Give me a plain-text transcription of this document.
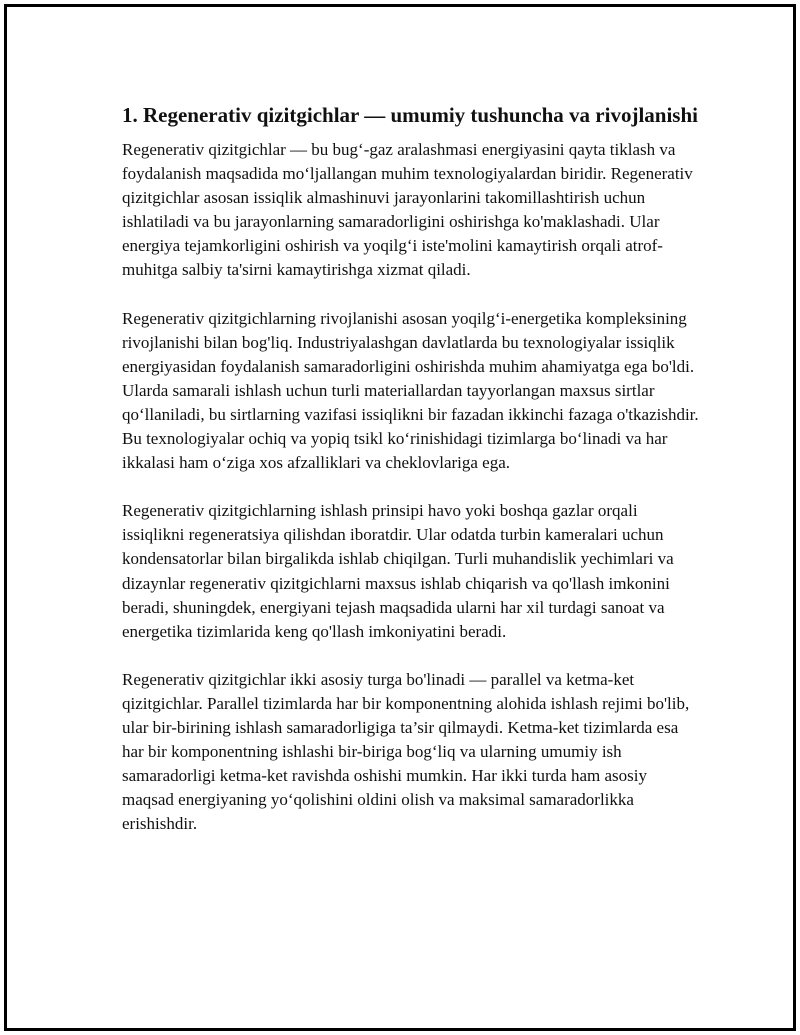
1. Regenerativ qizitgichlar — umumiy tushuncha va rivojlanishi

Regenerativ qizitgichlar — bu bug‘-gaz aralashmasi energiyasini qayta tiklash va foydalanish maqsadida mo‘ljallangan muhim texnologiyalardan biridir. Regenerativ qizitgichlar asosan issiqlik almashinuvi jarayonlarini takomillashtirish uchun ishlatiladi va bu jarayonlarning samaradorligini oshirishga ko'maklashadi. Ular energiya tejamkorligini oshirish va yoqilg‘i iste'molini kamaytirish orqali atrof-muhitga salbiy ta'sirni kamaytirishga xizmat qiladi.

Regenerativ qizitgichlarning rivojlanishi asosan yoqilg‘i-energetika kompleksining rivojlanishi bilan bog'liq. Industriyalashgan davlatlarda bu texnologiyalar issiqlik energiyasidan foydalanish samaradorligini oshirishda muhim ahamiyatga ega bo'ldi. Ularda samarali ishlash uchun turli materiallardan tayyorlangan maxsus sirtlar qo‘llaniladi, bu sirtlarning vazifasi issiqlikni bir fazadan ikkinchi fazaga o'tkazishdir. Bu texnologiyalar ochiq va yopiq tsikl ko‘rinishidagi tizimlarga bo‘linadi va har ikkalasi ham o‘ziga xos afzalliklari va cheklovlariga ega.

Regenerativ qizitgichlarning ishlash prinsipi havo yoki boshqa gazlar orqali issiqlikni regeneratsiya qilishdan iboratdir. Ular odatda turbin kameralari uchun kondensatorlar bilan birgalikda ishlab chiqilgan. Turli muhandislik yechimlari va dizaynlar regenerativ qizitgichlarni maxsus ishlab chiqarish va qo'llash imkonini beradi, shuningdek, energiyani tejash maqsadida ularni har xil turdagi sanoat va energetika tizimlarida keng qo'llash imkoniyatini beradi.

Regenerativ qizitgichlar ikki asosiy turga bo'linadi — parallel va ketma-ket qizitgichlar. Parallel tizimlarda har bir komponentning alohida ishlash rejimi bo'lib, ular bir-birining ishlash samaradorligiga ta’sir qilmaydi. Ketma-ket tizimlarda esa har bir komponentning ishlashi bir-biriga bog‘liq va ularning umumiy ish samaradorligi ketma-ket ravishda oshishi mumkin. Har ikki turda ham asosiy maqsad energiyaning yo‘qolishini oldini olish va maksimal samaradorlikka erishishdir.
